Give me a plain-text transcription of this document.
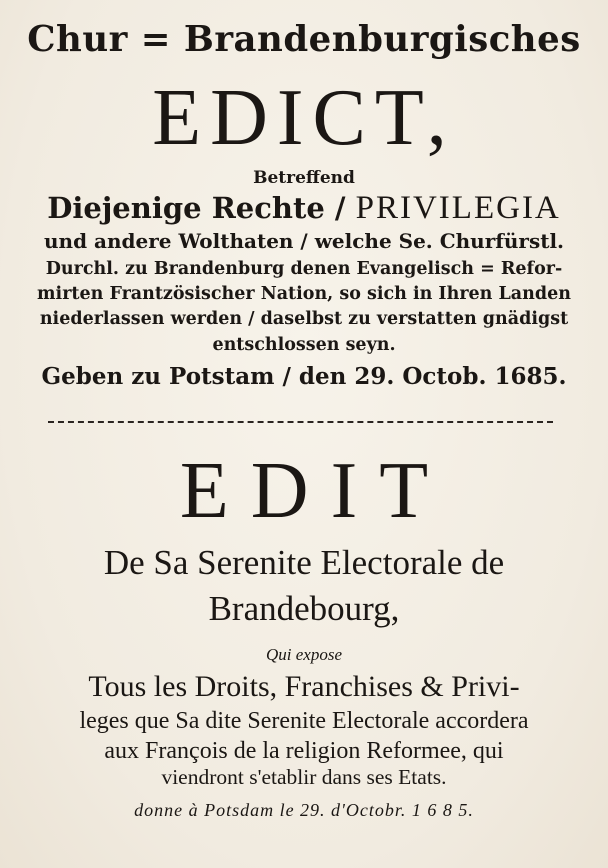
Chur = Brandenburgisches
EDICT,
Betreffend
Diejenige Rechte / PRIVILEGIA
und andere Wolthaten / welche Se. Churfürstl.
Durchl. zu Brandenburg denen Evangelisch = Refor-
mirten Frantzösischer Nation, so sich in Ihren Landen
niederlassen werden / daselbst zu verstatten gnädigst
entschlossen seyn.
Geben zu Potstam / den 29. Octob. 1685.
EDIT
De Sa Serenite Electorale de
Brandebourg,
Qui expose
Tous les Droits, Franchises & Privi-
leges que Sa dite Serenite Electorale accordera
aux François de la religion Reformee, qui
viendront s'etablir dans ses Etats.
donne à Potsdam le 29. d'Octobr. 1 6 8 5.
